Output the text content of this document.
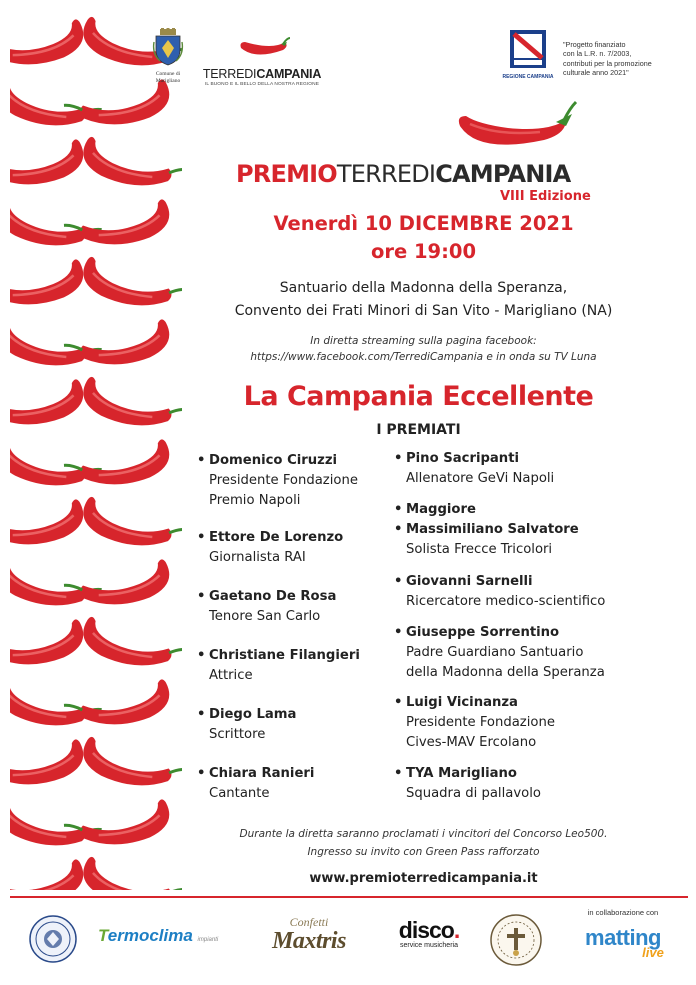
Comune di
Marigliano	TERREDICAMPANIA
IL BUONO E IL BELLO DELLA NOSTRA REGIONE
REGIONE CAMPANIA
"Progetto finanziato
con la L.R. n. 7/2003,
contributi per la promozione
culturale anno 2021"
PREMIOTERREDICAMPANIA
VIII Edizione
Venerdì 10 DICEMBRE 2021
ore 19:00
Santuario della Madonna della Speranza,
Convento dei Frati Minori di San Vito - Marigliano (NA)
In diretta streaming sulla pagina facebook:
https://www.facebook.com/TerrediCampania e in onda su TV Luna
La Campania Eccellente
I PREMIATI
• Domenico Ciruzzi
Presidente Fondazione
Premio Napoli
• Ettore De Lorenzo
Giornalista RAI
• Gaetano De Rosa
Tenore San Carlo
• Christiane Filangieri
Attrice
• Diego Lama
Scrittore
• Chiara Ranieri
Cantante
• Pino Sacripanti
Allenatore GeVi Napoli
• Maggiore
• Massimiliano Salvatore
Solista Frecce Tricolori
• Giovanni Sarnelli
Ricercatore medico-scientifico
• Giuseppe Sorrentino
Padre Guardiano Santuario
della Madonna della Speranza
• Luigi Vicinanza
Presidente Fondazione
Cives-MAV Ercolano
• TYA Marigliano
Squadra di pallavolo
Durante la diretta saranno proclamati i vincitori del Concorso Leo500.
Ingresso su invito con Green Pass rafforzato
www.premioterredicampania.it
Termoclima impianti
Confetti
Maxtris	disco.
service musicheria
in collaborazione con
matting
live
